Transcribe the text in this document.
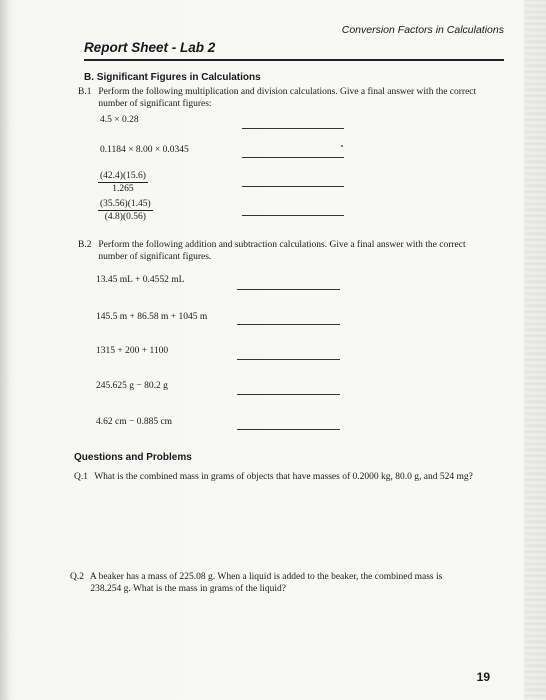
Conversion Factors in Calculations
Report Sheet - Lab 2
B. Significant Figures in Calculations
B.1 Perform the following multiplication and division calculations. Give a final answer with the correct
number of significant figures:
4.5 × 0.28
0.1184 × 8.00 × 0.0345
$\frac{(42.4)(15.6)}{1.265}$
$\frac{(35.56)(1.45)}{(4.8)(0.56)}$
B.2 Perform the following addition and subtraction calculations. Give a final answer with the correct
number of significant figures.
13.45 mL + 0.4552 mL
145.5 m + 86.58 m + 1045 m
1315 + 200 + 1100
245.625 g − 80.2 g
4.62 cm − 0.885 cm
Questions and Problems
Q.1 What is the combined mass in grams of objects that have masses of 0.2000 kg, 80.0 g, and 524 mg?
Q.2 A beaker has a mass of 225.08 g. When a liquid is added to the beaker, the combined mass is
238.254 g. What is the mass in grams of the liquid?
19
